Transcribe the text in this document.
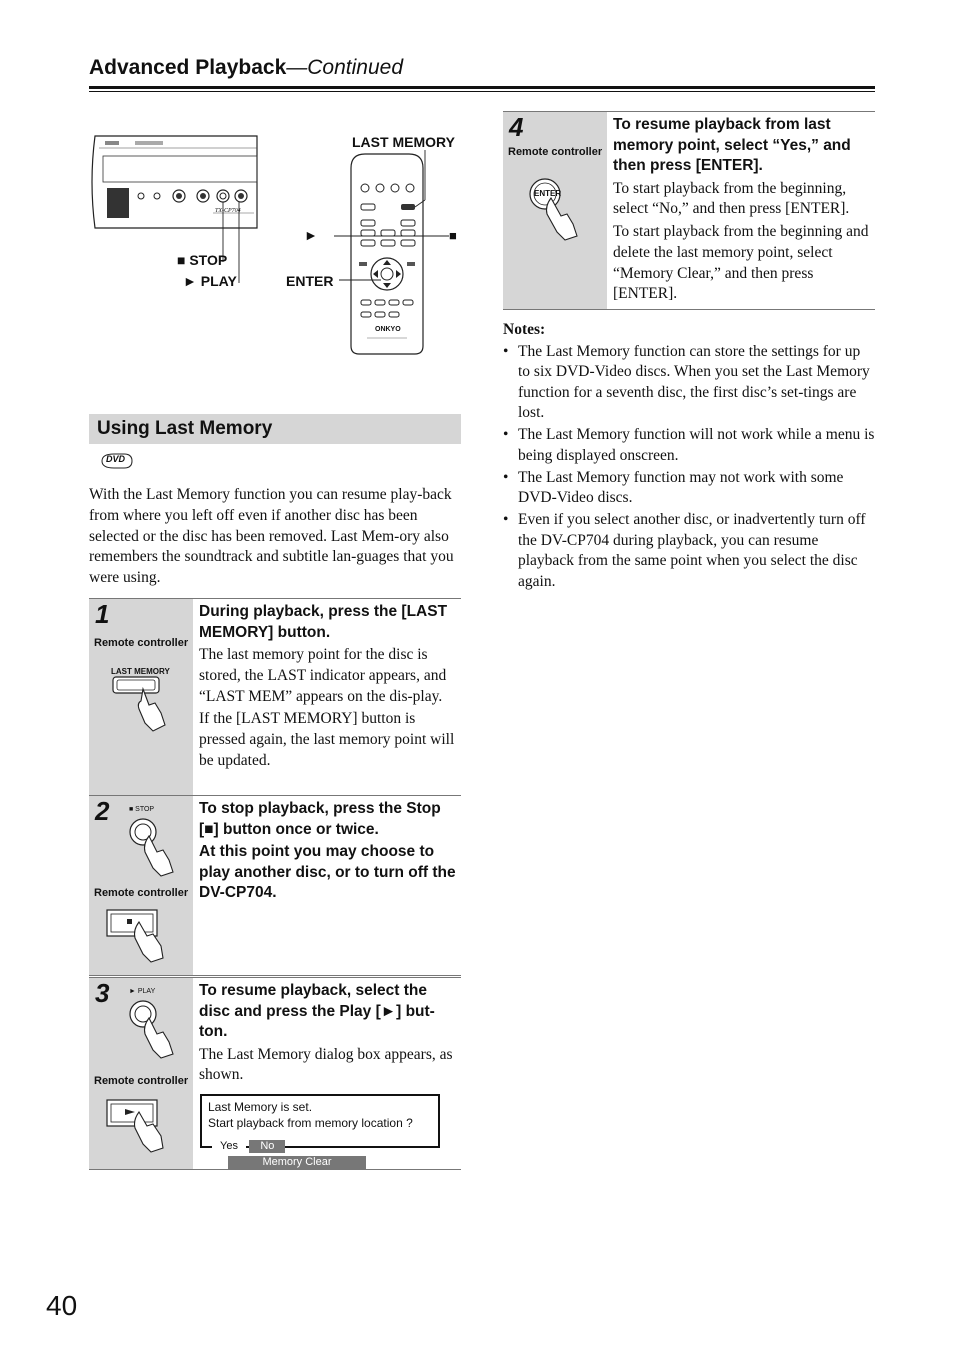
Advanced Playback—Continued
LAST MEMORY
ONKYO
TX-CP704
■ STOP
► PLAY	ENTER
►	■
Using Last Memory
DVD
With the Last Memory function you can resume play-back from where you left off even if another disc has been selected or the disc has been removed. Last Mem-ory also remembers the soundtrack and subtitle lan-guages that you were using.
1
Remote controller
LAST MEMORY
During playback, press the [LAST MEMORY] button.
The last memory point for the disc is stored, the LAST indicator appears, and “LAST MEM” appears on the dis-play.
If the [LAST MEMORY] button is pressed again, the last memory point will be updated.
2	■ STOP
Remote controller
To stop playback, press the Stop [■] button once or twice.
At this point you may choose to play another disc, or to turn off the DV-CP704.
3	► PLAY
Remote controller
To resume playback, select the disc and press the Play [►] but-ton.
The Last Memory dialog box appears, as shown.
Last Memory is set.
Start playback from memory location ?
Yes No Memory Clear
4
Remote controller
ENTER
To resume playback from last memory point, select “Yes,” and then press [ENTER].
To start playback from the beginning, select “No,” and then press [ENTER].
To start playback from the beginning and delete the last memory point, select “Memory Clear,” and then press [ENTER].
Notes:
• The Last Memory function can store the settings for up to six DVD-Video discs. When you set the Last Memory function for a seventh disc, the first disc’s set-tings are lost.
• The Last Memory function will not work while a menu is being displayed onscreen.
• The Last Memory function may not work with some DVD-Video discs.
• Even if you select another disc, or inadvertently turn off the DV-CP704 during playback, you can resume playback from the same point when you select the disc again.
40
